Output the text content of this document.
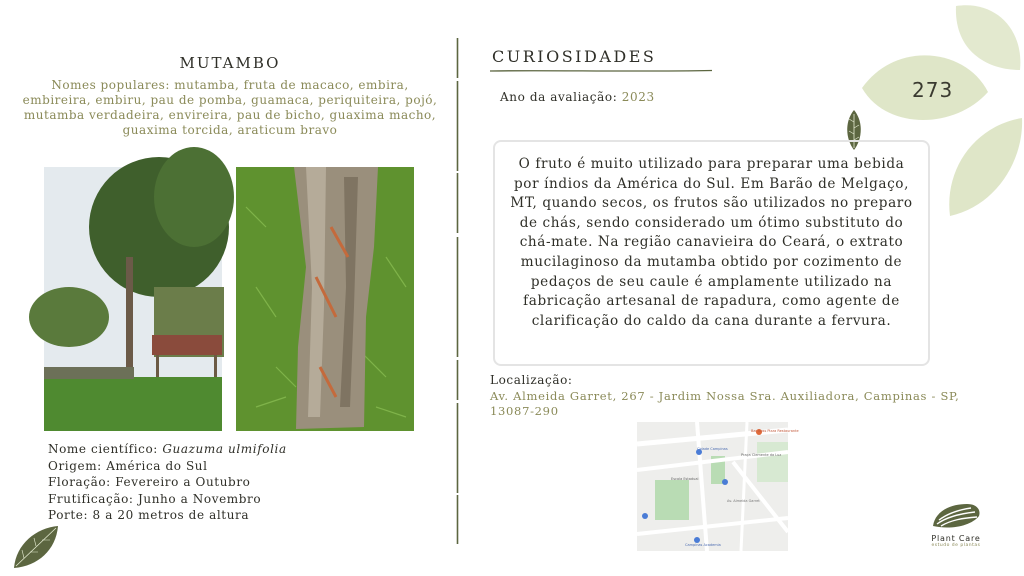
MUTAMBO
Nomes populares: mutamba, fruta de macaco, embira, embireira, embiru, pau de pomba, guamaca, periquiteira, pojó, mutamba verdadeira, envireira, pau de bicho, guaxima macho, guaxima torcida, araticum bravo
Nome científico: Guazuma ulmifolia
Origem: América do Sul
Floração: Fevereiro a Outubro
Frutificação: Junho a Novembro
Porte: 8 a 20 metros de altura
CURIOSIDADES
Ano da avaliação: 2023
O fruto é muito utilizado para preparar uma bebida por índios da América do Sul. Em Barão de Melgaço, MT, quando secos, os frutos são utilizados no preparo de chás, sendo considerado um ótimo substituto do chá-mate. Na região canavieira do Ceará, o extrato mucilaginoso da mutamba obtido por cozimento de pedaços de seu caule é amplamente utilizado na fabricação artesanal de rapadura, como agente de clarificação do caldo da cana durante a fervura.
Localização:
Av. Almeida Garret, 267 - Jardim Nossa Sra. Auxiliadora, Campinas - SP, 13087-290
Bar Boss Pizza Restaurante
Cidade Campinas
Praça Clemente da Luz
Escola Estadual
Av. Almeida Garret
Campinas Academia
273
Plant Care
estudo de plantas
